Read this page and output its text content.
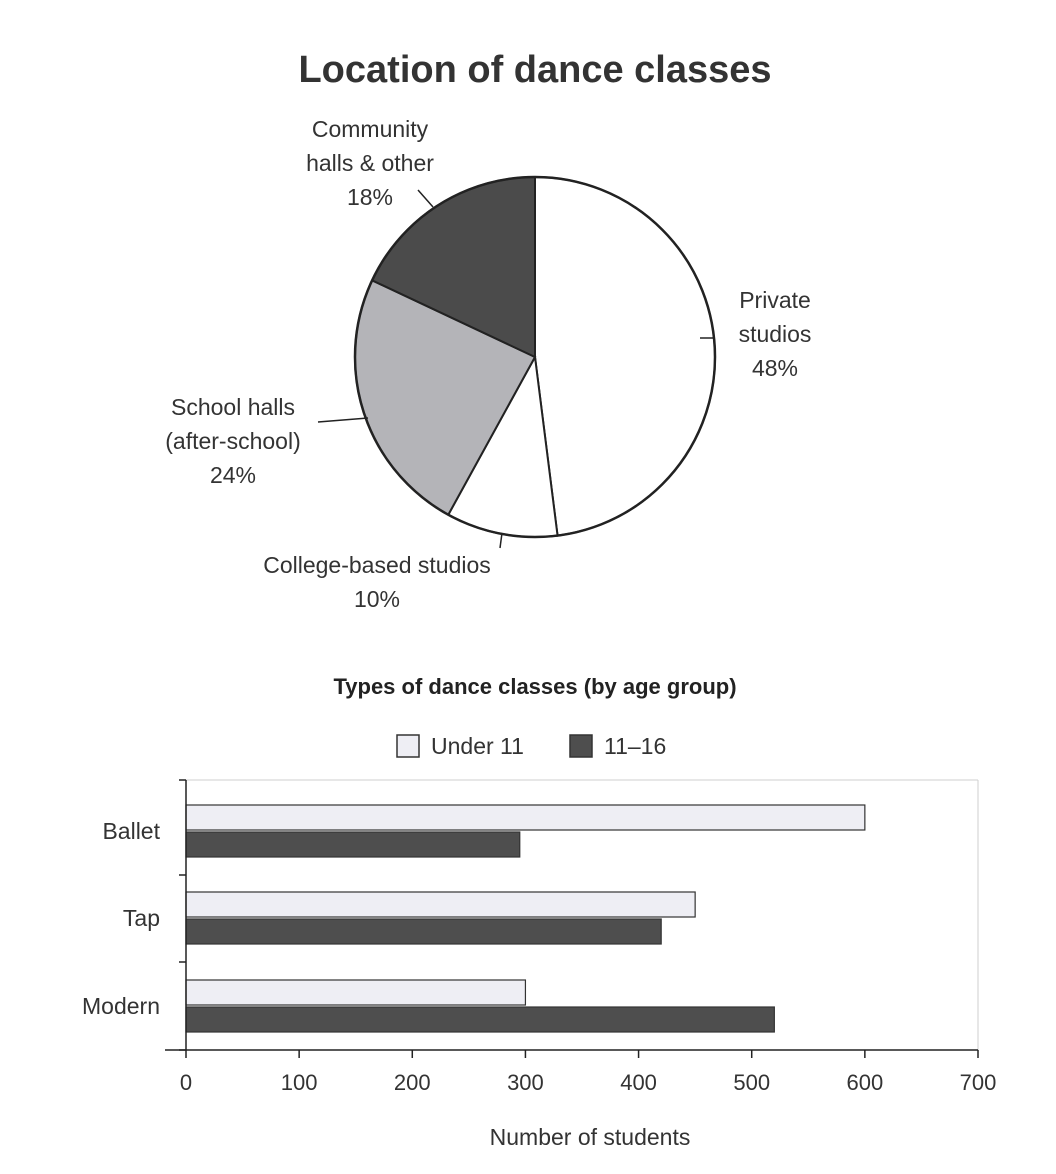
Location of dance classes
Private studios 48%
College-based studios 10%
School halls (after-school) 24%
Community halls & other 18%
Types of dance classes (by age group)
Under 11	11–16
Ballet
Tap
Modern
0	100	200	300	400	500	600	700
Number of students
